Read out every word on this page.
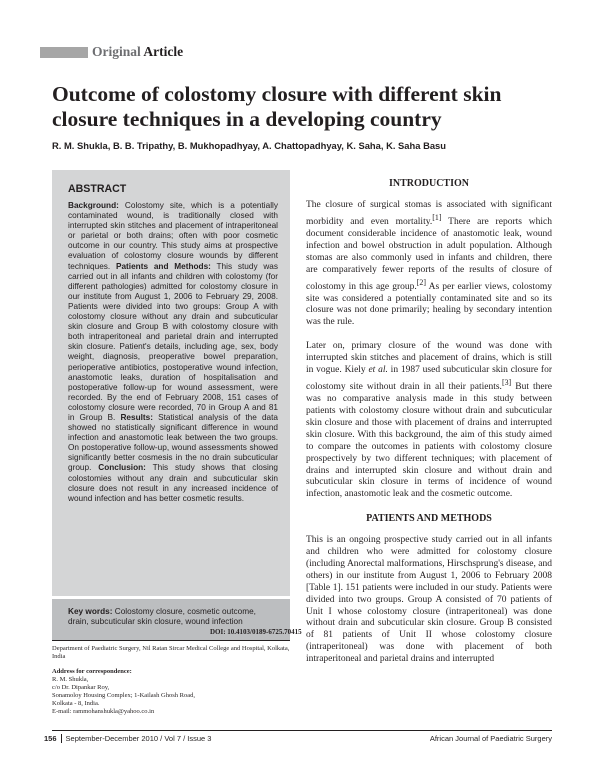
Original Article
Outcome of colostomy closure with different skin closure techniques in a developing country
R. M. Shukla, B. B. Tripathy, B. Mukhopadhyay, A. Chattopadhyay, K. Saha, K. Saha Basu
ABSTRACT
Background: Colostomy site, which is a potentially contaminated wound, is traditionally closed with interrupted skin stitches and placement of intraperitoneal or parietal or both drains; often with poor cosmetic outcome in our country. This study aims at prospective evaluation of colostomy closure wounds by different techniques. Patients and Methods: This study was carried out in all infants and children with colostomy (for different pathologies) admitted for colostomy closure in our institute from August 1, 2006 to February 29, 2008. Patients were divided into two groups: Group A with colostomy closure without any drain and subcuticular skin closure and Group B with colostomy closure with both intraperitoneal and parietal drain and interrupted skin closure. Patient's details, including age, sex, body weight, diagnosis, preoperative bowel preparation, perioperative antibiotics, postoperative wound infection, anastomotic leaks, duration of hospitalisation and postoperative follow-up for wound assessment, were recorded. By the end of February 2008, 151 cases of colostomy closure were recorded, 70 in Group A and 81 in Group B. Results: Statistical analysis of the data showed no statistically significant difference in wound infection and anastomotic leak between the two groups. On postoperative follow-up, wound assessments showed significantly better cosmesis in the no drain subcuticular group. Conclusion: This study shows that closing colostomies without any drain and subcuticular skin closure does not result in any increased incidence of wound infection and has better cosmetic results.
Key words: Colostomy closure, cosmetic outcome, drain, subcuticular skin closure, wound infection
DOI: 10.4103/0189-6725.70415
Department of Paediatric Surgery, Nil Ratan Sircar Medical College and Hospital, Kolkata, India
Address for correspondence:
R. M. Shukla,
c/o Dr. Dipankar Roy,
Sonamoloy Housing Complex; 1-Kailash Ghosh Road,
Kolkata - 8, India.
E-mail: rammohanshukla@yahoo.co.in
INTRODUCTION

The closure of surgical stomas is associated with significant morbidity and even mortality.[1] There are reports which document considerable incidence of anastomotic leak, wound infection and bowel obstruction in adult population. Although stomas are also commonly used in infants and children, there are comparatively fewer reports of the results of closure of colostomy in this age group.[2] As per earlier views, colostomy site was considered a potentially contaminated site and so its closure was not done primarily; healing by secondary intention was the rule.

Later on, primary closure of the wound was done with interrupted skin stitches and placement of drains, which is still in vogue. Kiely et al. in 1987 used subcuticular skin closure for colostomy site without drain in all their patients.[3] But there was no comparative analysis made in this study between patients with colostomy closure without drain and subcuticular skin closure and those with placement of drains and interrupted skin closure. With this background, the aim of this study aimed to compare the outcomes in patients with colostomy closure prospectively by two different techniques; with placement of drains and interrupted skin closure and without drain and subcuticular skin closure in terms of incidence of wound infection, anastomotic leak and the cosmetic outcome.

PATIENTS AND METHODS

This is an ongoing prospective study carried out in all infants and children who were admitted for colostomy closure (including Anorectal malformations, Hirschsprung's disease, and others) in our institute from August 1, 2006 to February 2008 [Table 1]. 151 patients were included in our study. Patients were divided into two groups. Group A consisted of 70 patients of Unit I whose colostomy closure (intraperitoneal) was done without drain and subcuticular skin closure. Group B consisted of 81 patients of Unit II whose colostomy closure (intraperitoneal) was done with placement of both intraperitoneal and parietal drains and interrupted

156	September-December 2010 / Vol 7 / Issue 3	African Journal of Paediatric Surgery
